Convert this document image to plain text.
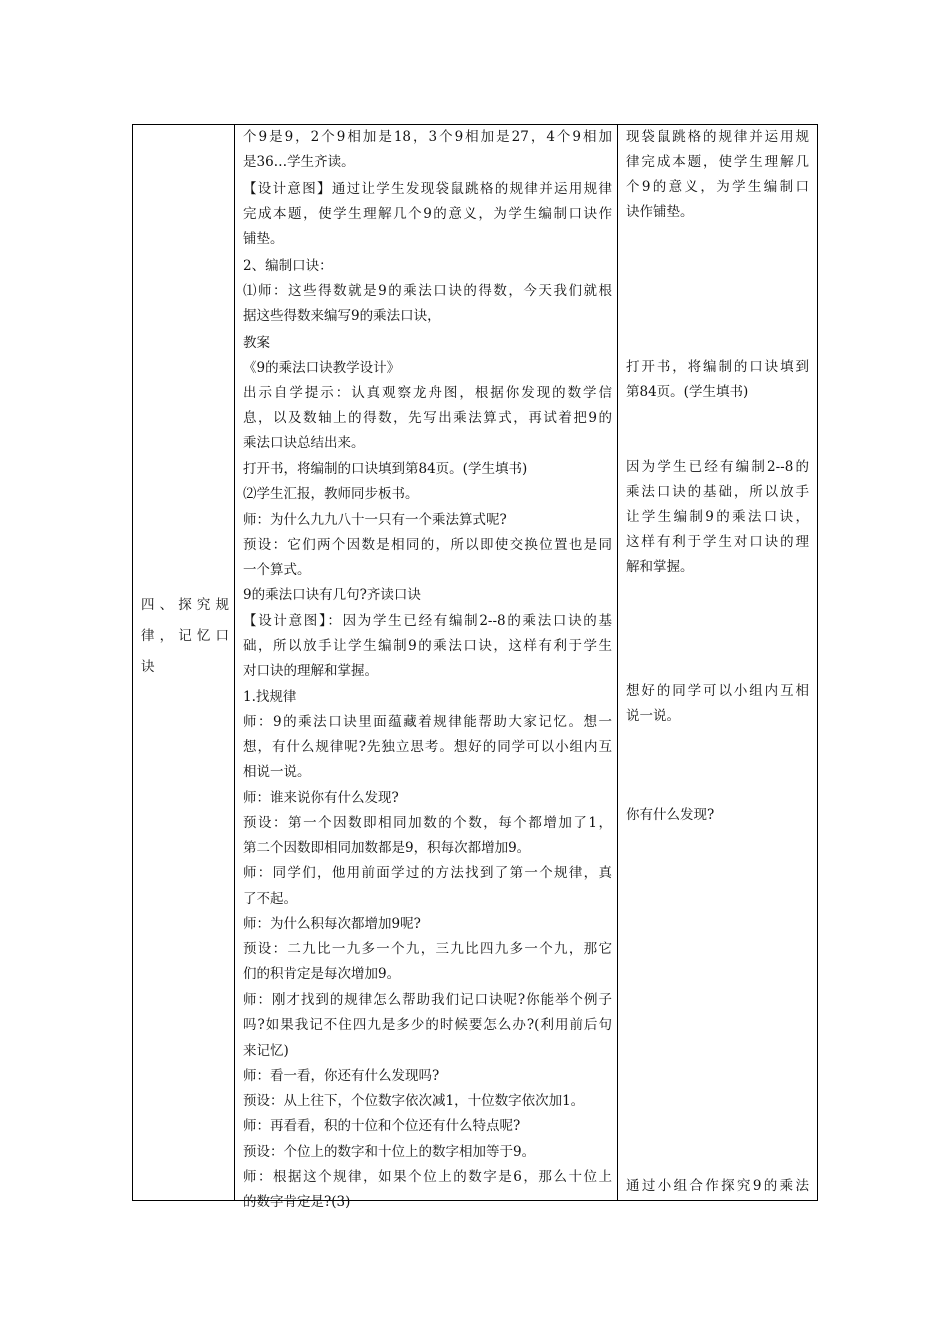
四、探究规
律，记忆口
诀
个9是9，2个9相加是18，3个9相加是27，4个9相加
是36…学生齐读。
【设计意图】通过让学生发现袋鼠跳格的规律并运用规律
完成本题，使学生理解几个9的意义，为学生编制口诀作
铺垫。
2、编制口诀：
⑴师：这些得数就是9的乘法口诀的得数，今天我们就根
据这些得数来编写9的乘法口诀，
教案
《9的乘法口诀教学设计》
出示自学提示：认真观察龙舟图，根据你发现的数学信
息，以及数轴上的得数，先写出乘法算式，再试着把9的
乘法口诀总结出来。
打开书，将编制的口诀填到第84页。(学生填书)
⑵学生汇报，教师同步板书。
师：为什么九九八十一只有一个乘法算式呢?
预设：它们两个因数是相同的，所以即使交换位置也是同
一个算式。
9的乘法口诀有几句?齐读口诀
【设计意图】：因为学生已经有编制2--8的乘法口诀的基
础，所以放手让学生编制9的乘法口诀，这样有利于学生
对口诀的理解和掌握。
1.找规律
师：9的乘法口诀里面蕴藏着规律能帮助大家记忆。想一
想，有什么规律呢?先独立思考。想好的同学可以小组内互
相说一说。
师：谁来说你有什么发现?
预设：第一个因数即相同加数的个数，每个都增加了1，
第二个因数即相同加数都是9，积每次都增加9。
师：同学们，他用前面学过的方法找到了第一个规律，真
了不起。
师：为什么积每次都增加9呢?
预设：二九比一九多一个九，三九比四九多一个九，那它
们的积肯定是每次增加9。
师：刚才找到的规律怎么帮助我们记口诀呢?你能举个例子
吗?如果我记不住四九是多少的时候要怎么办?(利用前后句
来记忆)
师：看一看，你还有什么发现吗?
预设：从上往下，个位数字依次减1，十位数字依次加1。
师：再看看，积的十位和个位还有什么特点呢?
预设：个位上的数字和十位上的数字相加等于9。
师：根据这个规律，如果个位上的数字是6，那么十位上
的数字肯定是?(3)
现袋鼠跳格的规律并运用规
律完成本题，使学生理解几
个9的意义，为学生编制口
诀作铺垫。
打开书，将编制的口诀填到
第84页。(学生填书)
因为学生已经有编制2--8的
乘法口诀的基础，所以放手
让学生编制9的乘法口诀，
这样有利于学生对口诀的理
解和掌握。
想好的同学可以小组内互相
说一说。
你有什么发现?
通过小组合作探究9的乘法
